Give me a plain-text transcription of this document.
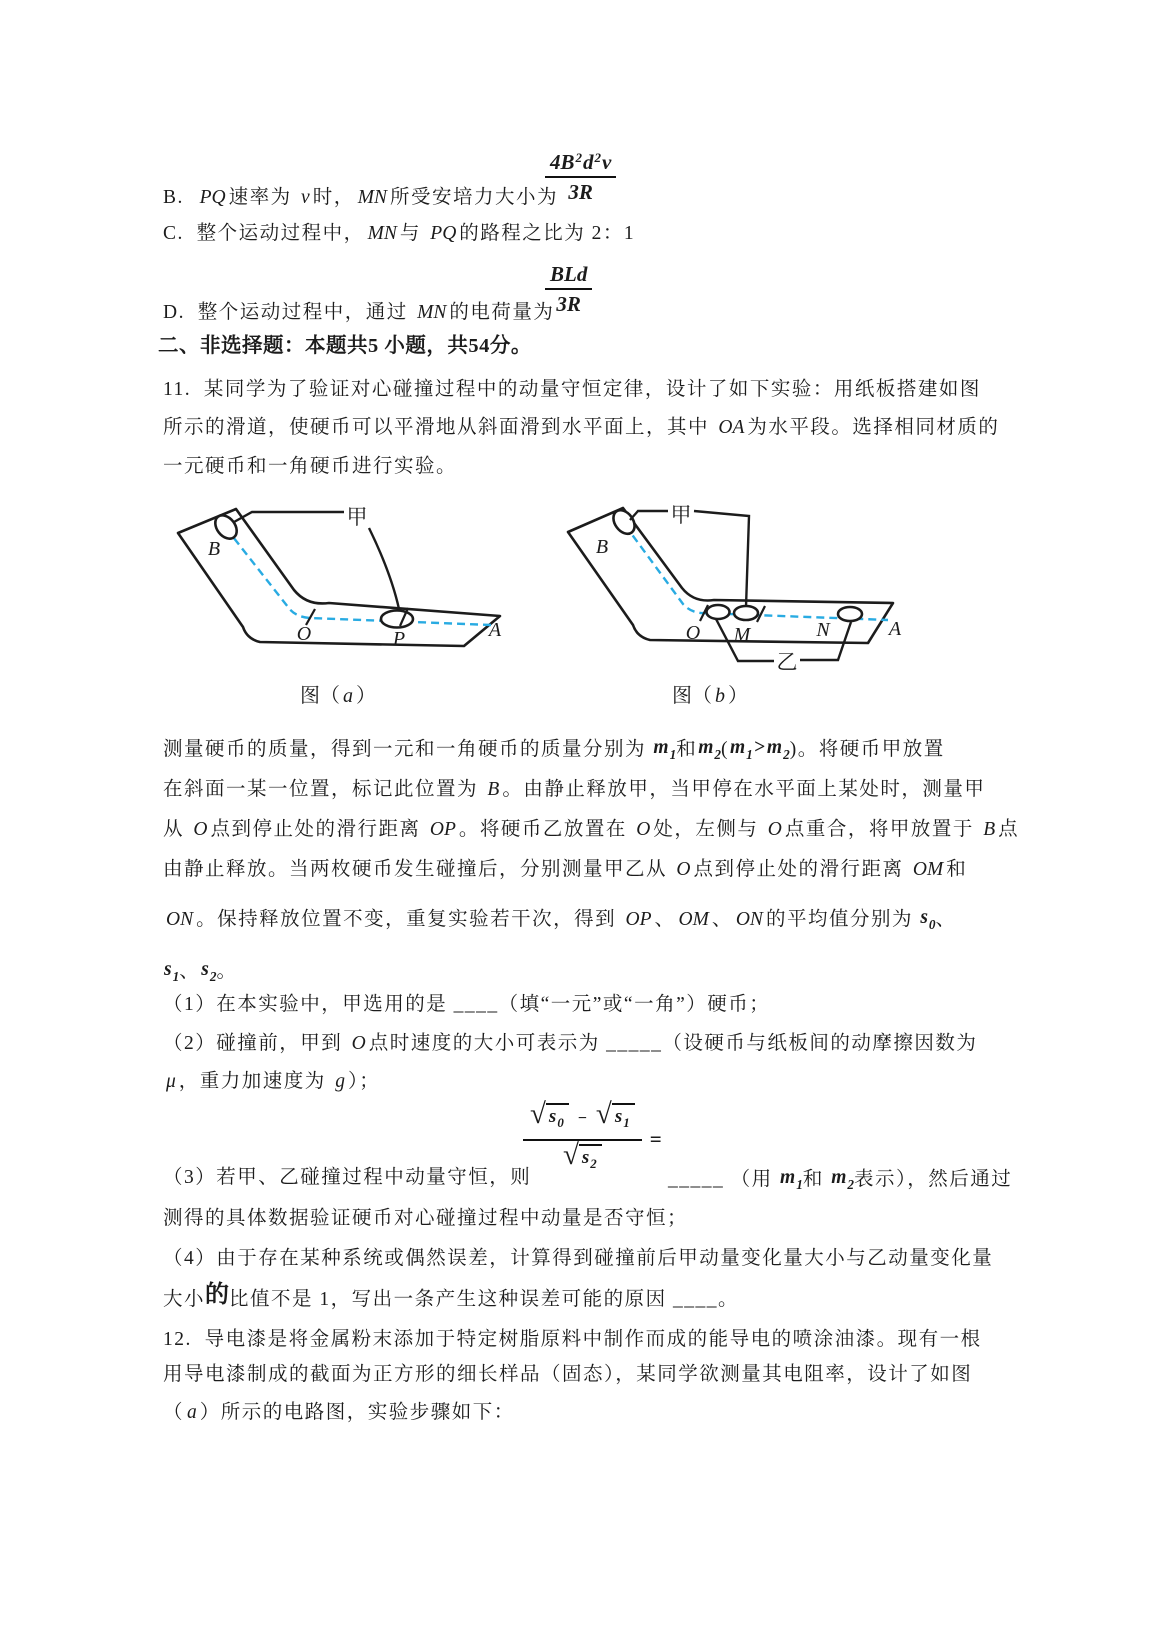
$\frac{4B^2d^2v}{3R}$
B.  PQ 速率为 v 时， MN 所受安培力大小为
C.  整个运动过程中， MN 与 PQ 的路程之比为 2：1
BLd
3R
D.  整个运动过程中，通过 MN 的电荷量为
二、非选择题：本题共5 小题，共54分。
11.  某同学为了验证对心碰撞过程中的动量守恒定律，设计了如下实验：用纸板搭建如图
所示的滑道，使硬币可以平滑地从斜面滑到水平面上，其中 OA 为水平段。选择相同材质的
一元硬币和一角硬币进行实验。
甲
B
O	P	A
甲
乙
B
O M	N	A
图（ a ）	图（ b ）
测量硬币的质量，得到一元和一角硬币的质量分别为 $m_1$和$m_2(m_1> m_2)$。将硬币甲放置
在斜面一某一位置，标记此位置为 B 。由静止释放甲，当甲停在水平面上某处时，测量甲
从 O 点到停止处的滑行距离 OP 。将硬币乙放置在 O 处，左侧与 O 点重合，将甲放置于 B 点
由静止释放。当两枚硬币发生碰撞后，分别测量甲乙从 O 点到停止处的滑行距离 OM 和
ON 。保持释放位置不变，重复实验若干次，得到 OP 、 OM 、 ON 的平均值分别为 $s_0$、
$s_1$、$s_2$。
（1）在本实验中，甲选用的是 ____（填“一元”或“一角”）硬币；
（2）碰撞前，甲到 O 点时速度的大小可表示为 _____（设硬币与纸板间的动摩擦因数为
μ ，重力加速度为 g ）；
√ $s_0$ − √ $s_1$
√ $s_2$
=
（3）若甲、乙碰撞过程中动量守恒，则	_____ （用 $m_1$和 $m_2$表示），然后通过
测得的具体数据验证硬币对心碰撞过程中动量是否守恒；
（4）由于存在某种系统或偶然误差，计算得到碰撞前后甲动量变化量大小与乙动量变化量
大小的比值不是 1，写出一条产生这种误差可能的原因 ____。
12.  导电漆是将金属粉末添加于特定树脂原料中制作而成的能导电的喷涂油漆。现有一根
用导电漆制成的截面为正方形的细长样品（固态），某同学欲测量其电阻率，设计了如图
（ a ）所示的电路图，实验步骤如下：
